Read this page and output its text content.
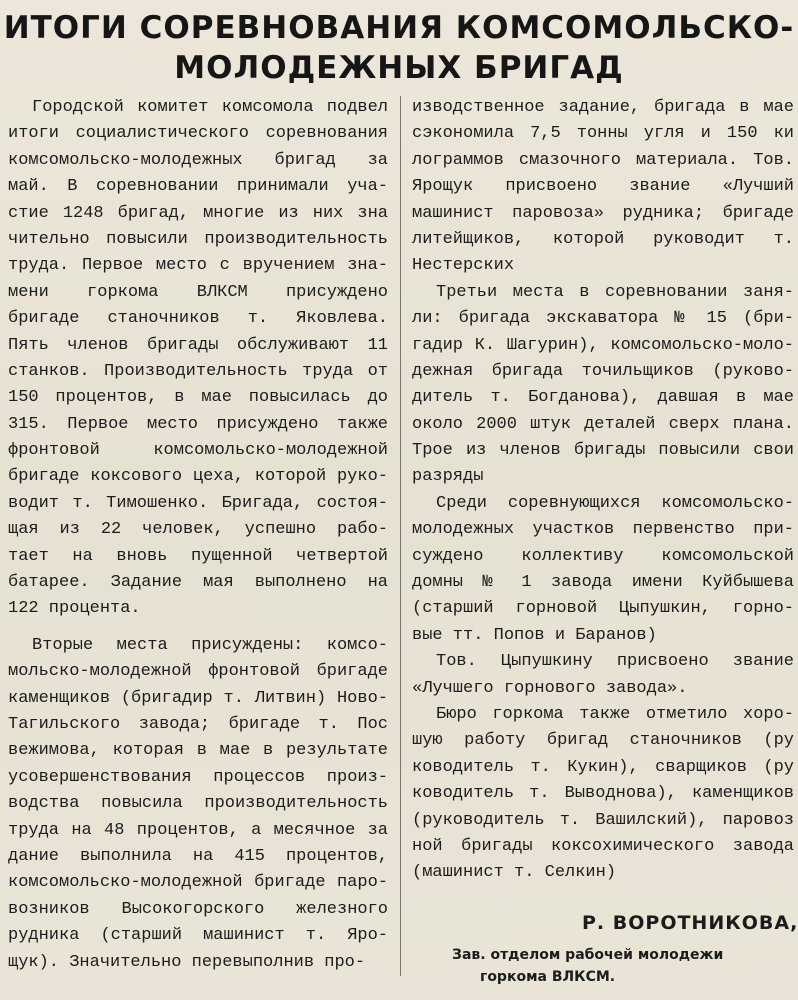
ИТОГИ СОРЕВНОВАНИЯ КОМСОМОЛЬСКО-
МОЛОДЕЖНЫХ БРИГАД
Городской комитет комсомола подвел
итоги социалистического соревнования
комсомольско-молодежных бригад за
май. В соревновании принимали уча-
стие 1248 бригад, многие из них зна
чительно повысили производительность
труда. Первое место с вручением зна-
мени горкома ВЛКСМ присуждено
бригаде станочников т. Яковлева.
Пять членов бригады обслуживают 11
станков. Производительность труда от
150 процентов, в мае повысилась до
315. Первое место присуждено также
фронтовой комсомольско-молодежной
бригаде коксового цеха, которой руко-
водит т. Тимошенко. Бригада, состоя-
щая из 22 человек, успешно рабо-
тает на вновь пущенной четвертой
батарее. Задание мая выполнено на
122 процента.
Вторые места присуждены: комсо-
мольско-молодежной фронтовой бригаде
каменщиков (бригадир т. Литвин) Ново-
Тагильского завода; бригаде т. Пос
вежимова, которая в мае в результате
усовершенствования процессов произ-
водства повысила производительность
труда на 48 процентов, а месячное за
дание выполнила на 415 процентов,
комсомольско-молодежной бригаде паро-
возников Высокогорского железного
рудника (старший машинист т. Яро-
щук). Значительно перевыполнив про-
изводственное задание, бригада в мае
сэкономила 7,5 тонны угля и 150 ки
лограммов смазочного материала. Тов.
Ярощук присвоено звание «Лучший
машинист паровоза» рудника; бригаде
литейщиков, которой руководит т.
Нестерских
Третьи места в соревновании заня-
ли: бригада экскаватора № 15 (бри-
гадир К. Шагурин), комсомольско-моло-
дежная бригада точильщиков (руково-
дитель т. Богданова), давшая в мае
около 2000 штук деталей сверх плана.
Трое из членов бригады повысили свои
разряды
Среди соревнующихся комсомольско-
молодежных участков первенство при-
суждено коллективу комсомольской
домны № 1 завода имени Куйбышева
(старший горновой Цыпушкин, горно-
вые тт. Попов и Баранов)
Тов. Цыпушкину присвоено звание
«Лучшего горнового завода».
Бюро горкома также отметило хоро-
шую работу бригад станочников (ру
ководитель т. Кукин), сварщиков (ру
ководитель т. Выводнова), каменщиков
(руководитель т. Вашилский), паровоз
ной бригады коксохимического завода
(машинист т. Селкин)
Р. ВОРОТНИКОВА,
Зав. отделом рабочей молодежи
горкома ВЛКСМ.
